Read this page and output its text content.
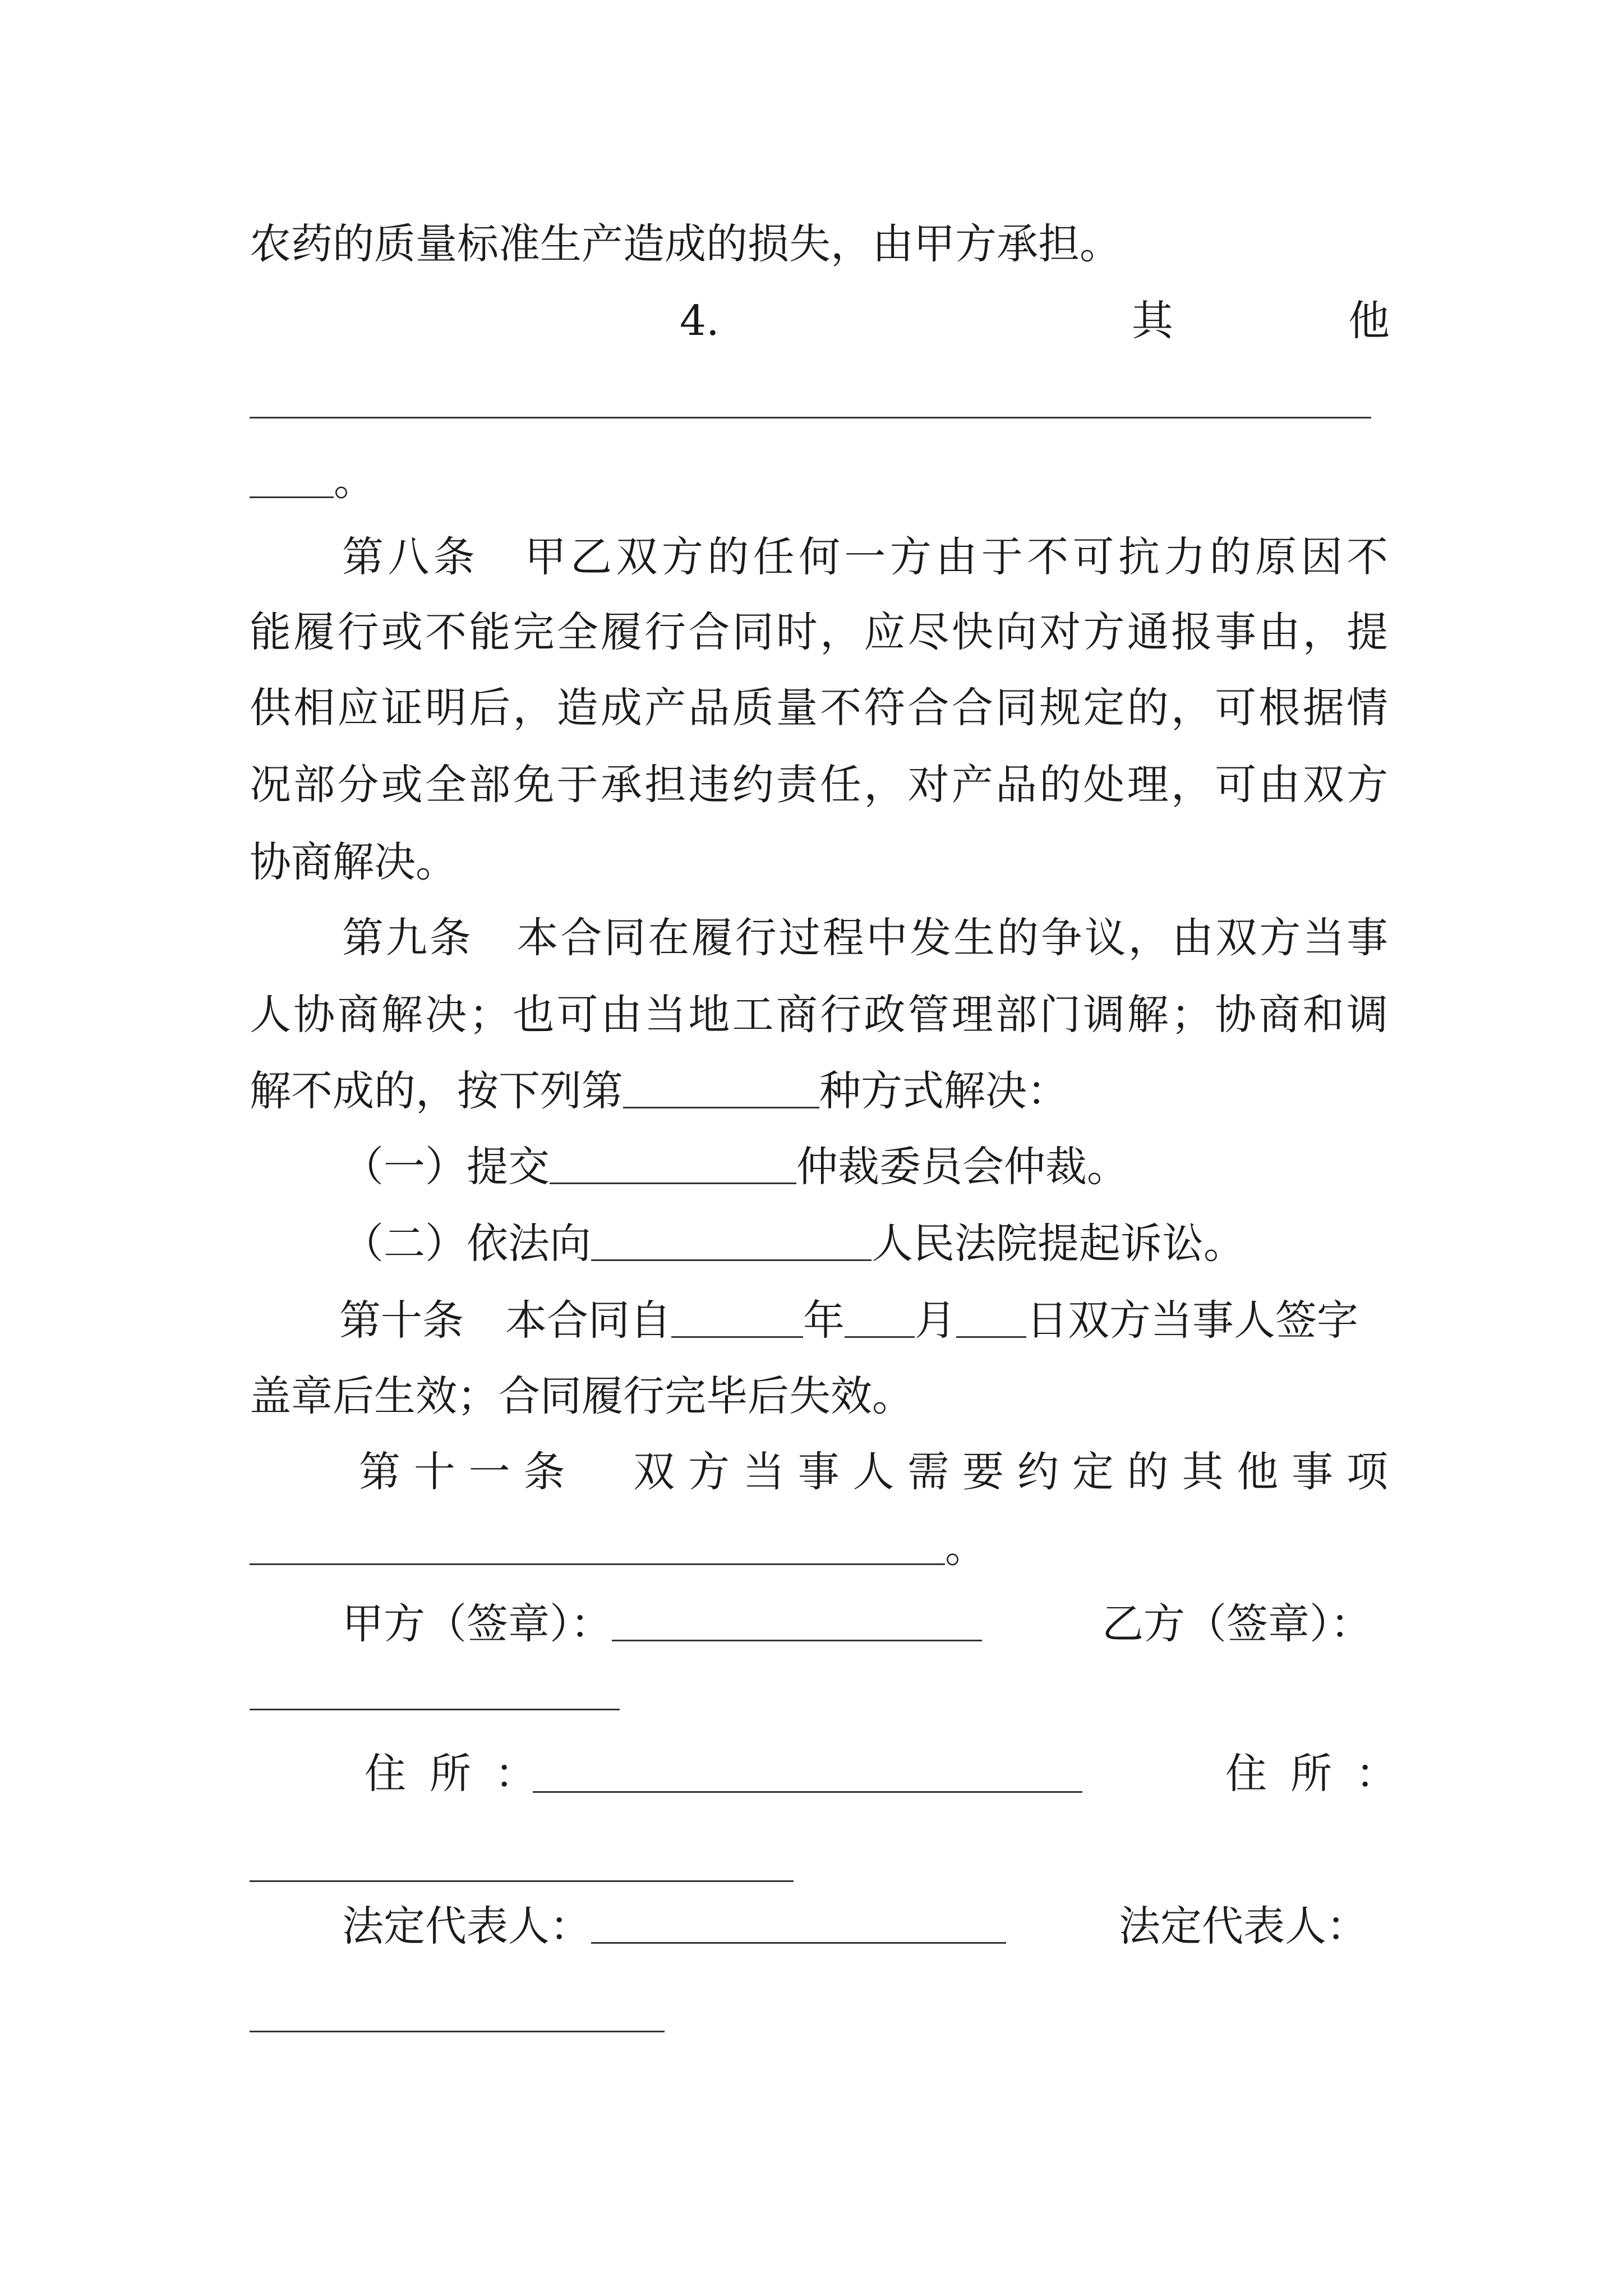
农药的质量标准生产造成的损失，由甲方承担。
4.	其	他
。
第八条　甲乙双方的任何一方由于不可抗力的原因不
能履行或不能完全履行合同时，应尽快向对方通报事由，提
供相应证明后，造成产品质量不符合合同规定的，可根据情
况部分或全部免于承担违约责任，对产品的处理，可由双方
协商解决。
第九条　本合同在履行过程中发生的争议，由双方当事
人协商解决；也可由当地工商行政管理部门调解；协商和调
解不成的，按下列第	种方式解决：
（一）提交	仲裁委员会仲裁。
（二）依法向	人民法院提起诉讼。
第十条　本合同自	年 月 日双方当事人签字
盖章后生效；合同履行完毕后失效。
第十一条　双方当事人需要约定的其他事项
。
甲方（签章）：	乙方（签章）：
住所：	住所：
法定代表人：	法定代表人：
